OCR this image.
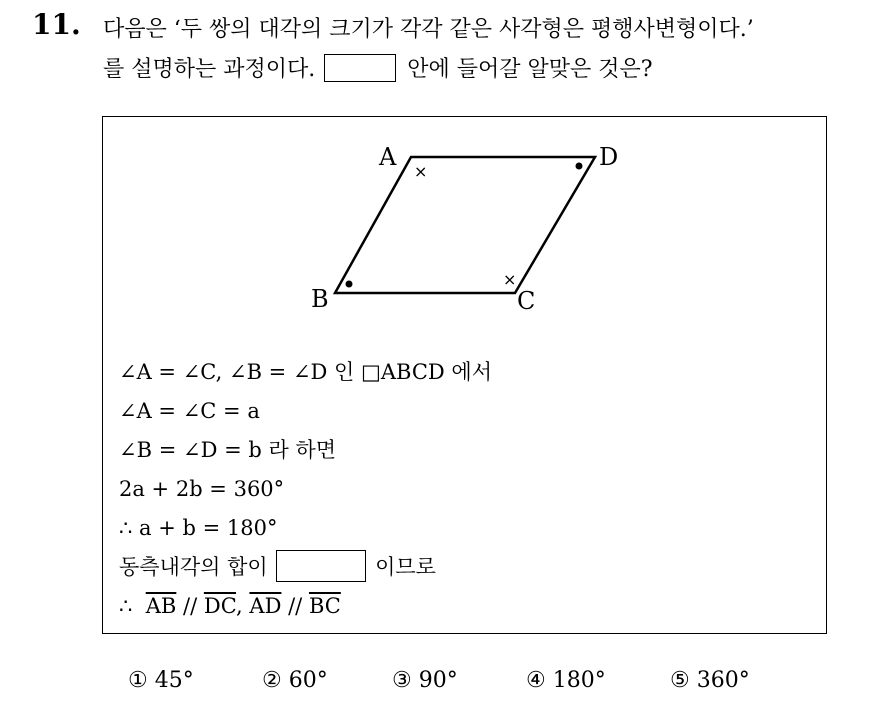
11. 다음은 ‘두 쌍의 대각의 크기가 각각 같은 사각형은 평행사변형이다.’
를 설명하는 과정이다.	안에 들어갈 알맞은 것은?
A	D
B	C
×
×
∠A = ∠C, ∠B = ∠D 인 □ABCD 에서
∠A = ∠C = a
∠B = ∠D = b 라 하면
2a + 2b = 360°
∴ a + b = 180°
동측내각의 합이	이므로
∴ $\overline{AB} // \overline{DC}$, $\overline{AD} // \overline{BC}$
① 45°	② 60°	③ 90°	④ 180°	⑤ 360°
